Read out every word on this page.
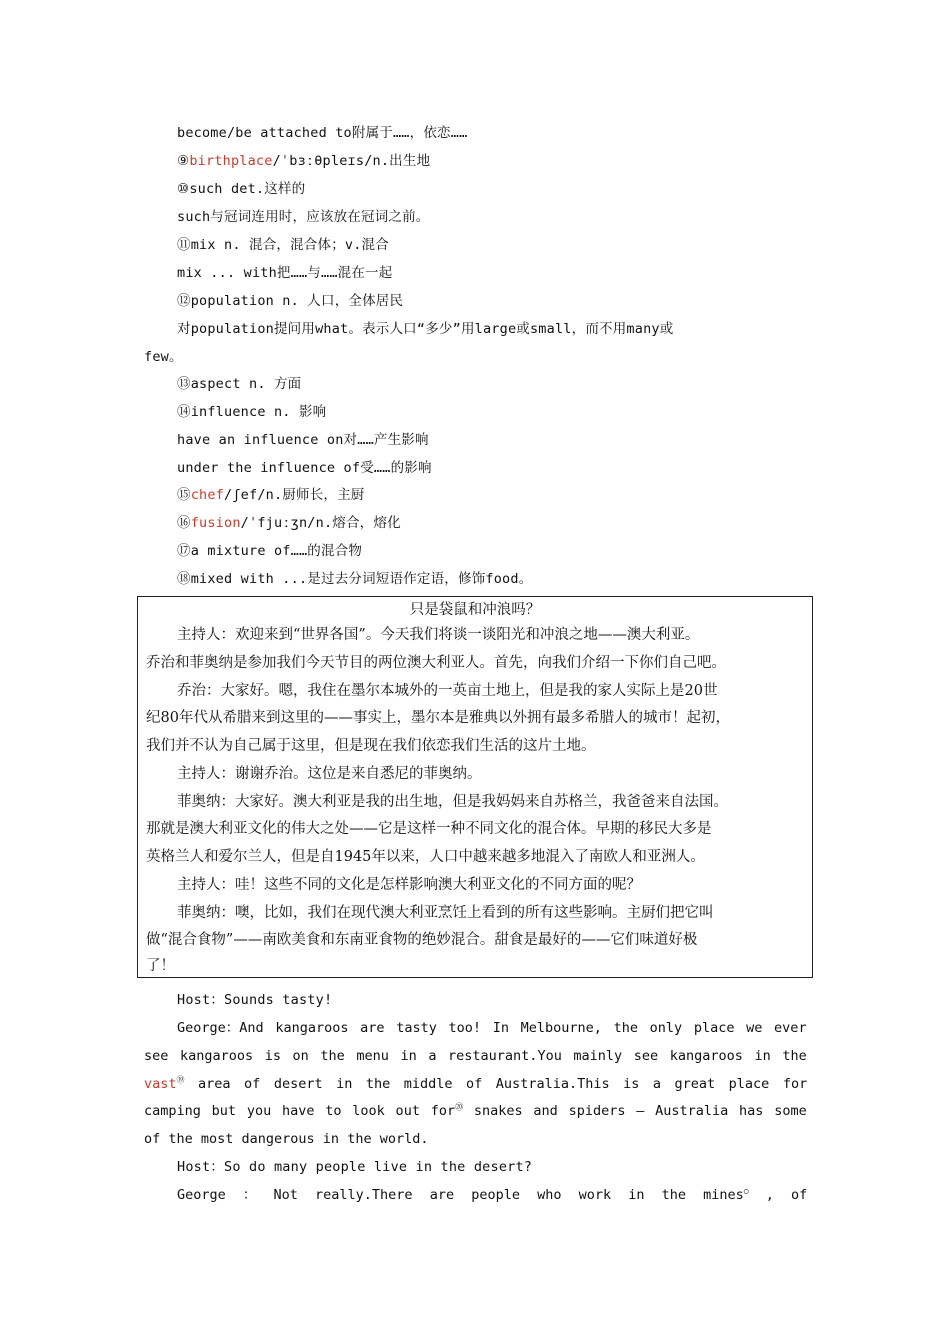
become/be attached to附属于……，依恋……
⑨birthplace/ˈbɜːθpleɪs/n.出生地
⑩such det.这样的
such与冠词连用时，应该放在冠词之前。
⑪mix n. 混合，混合体；v.混合
mix ... with把……与……混在一起
⑫population n. 人口，全体居民
对population提问用what。表示人口“多少”用large或small，而不用many或
few。
⑬aspect n. 方面
⑭influence n. 影响
have an influence on对……产生影响
under the influence of受……的影响
⑮chef/ʃef/n.厨师长，主厨
⑯fusion/ˈfjuːʒn/n.熔合，熔化
⑰a mixture of……的混合物
⑱mixed with ...是过去分词短语作定语，修饰food。
只是袋鼠和冲浪吗？
主持人：欢迎来到“世界各国”。今天我们将谈一谈阳光和冲浪之地——澳大利亚。
乔治和菲奥纳是参加我们今天节目的两位澳大利亚人。首先，向我们介绍一下你们自己吧。
乔治：大家好。嗯，我住在墨尔本城外的一英亩土地上，但是我的家人实际上是20世
纪80年代从希腊来到这里的——事实上，墨尔本是雅典以外拥有最多希腊人的城市！起初，
我们并不认为自己属于这里，但是现在我们依恋我们生活的这片土地。
主持人：谢谢乔治。这位是来自悉尼的菲奥纳。
菲奥纳：大家好。澳大利亚是我的出生地，但是我妈妈来自苏格兰，我爸爸来自法国。
那就是澳大利亚文化的伟大之处——它是这样一种不同文化的混合体。早期的移民大多是
英格兰人和爱尔兰人，但是自1945年以来，人口中越来越多地混入了南欧人和亚洲人。
主持人：哇！这些不同的文化是怎样影响澳大利亚文化的不同方面的呢？
菲奥纳：噢，比如，我们在现代澳大利亚烹饪上看到的所有这些影响。主厨们把它叫
做“混合食物”——南欧美食和东南亚食物的绝妙混合。甜食是最好的——它们味道好极
了！
Host：Sounds tasty!
George：And kangaroos are tasty too! In Melbourne, the only place we ever
see kangaroos is on the menu in a restaurant.You mainly see kangaroos in the
vast⑲ area of desert in the middle of Australia.This is a great place for
camping but you have to look out for⑳ snakes and spiders — Australia has some
of the most dangerous in the world.
Host：So do many people live in the desert?
George ： Not really.There are people who work in the mines○ , of
